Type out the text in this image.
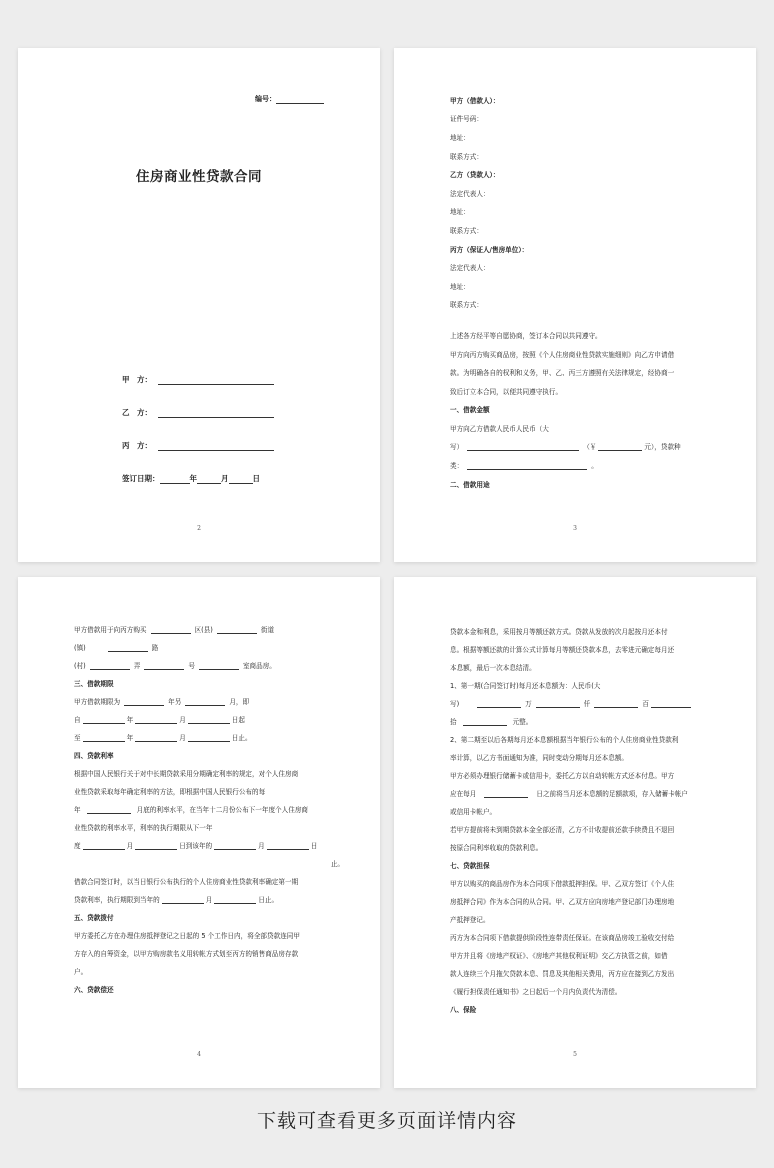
编号：
住房商业性贷款合同
甲　方：
乙　方：
丙　方：
签订日期：	年	月	日
2
甲方（借款人）：
证件号码：
地址：
联系方式：
乙方（贷款人）：
法定代表人：
地址：
联系方式：
丙方（保证人/售房单位）：
法定代表人：
地址：
联系方式：
上述各方经平等自愿协商，签订本合同以共同遵守。
甲方向丙方购买商品房，按照《个人住房商业性贷款实施细则》向乙方申请借
款。为明确各自的权利和义务，甲、乙、丙三方遵照有关法律规定，经协商一
致后订立本合同，以便共同遵守执行。
一、借款金额
甲方向乙方借款人民币人民币（大
写）	（￥	元），贷款种
类：	。
二、借款用途
3
甲方借款用于向丙方购买	区(县)	街道
(镇)	路
(村)	弄	号	室商品房。
三、借款期限
甲方借款期限为	年另	月，即
自	年	月	日起
至	年	月	日止。
四、贷款利率
根据中国人民银行关于对中长期贷款采用分期确定利率的规定，对个人住房商
业性贷款采取每年确定利率的方法，即根据中国人民银行公布的每
年	月底的利率水平，在当年十二月份公布下一年度个人住房商
业性贷款的利率水平，利率的执行期限从下一年
度	月	日到该年的	月	日
止。
借款合同签订时，以当日银行公布执行的个人住房商业性贷款利率确定第一期
贷款利率，执行期限到当年的	月	日止。
五、贷款拨付
甲方委托乙方在办理住房抵押登记之日起的 5 个工作日内，将全部贷款连同甲
方存入的自筹资金，以甲方购房款名义用转帐方式划至丙方的销售商品房存款
户。
六、贷款偿还
4
贷款本金和利息，采用按月等额还款方式。贷款从发放的次月起按月还本付
息。根据等额还款的计算公式计算每月等额还贷款本息，去零进元确定每月还
本息额，最后一次本息结清。
1、第一期(合同签订时)每月还本息额为：人民币(大
写)	万	仟	百
拾	元整。
2、第二期至以后各期每月还本息额根据当年银行公布的个人住房商业性贷款利
率计算，以乙方书面通知为准，同时变动分期每月还本息额。
甲方必须办理银行储蓄卡或信用卡，委托乙方以自动转帐方式还本付息。甲方
应在每月	日之前将当月还本息额的足额款项，存入储蓄卡帐户
或信用卡帐户。
若甲方提前将未到期贷款本金全部还清，乙方不计收提前还款手续费且不退回
按原合同利率收取的贷款利息。
七、贷款担保
甲方以购买的商品房作为本合同项下借款抵押担保。甲、乙双方签订《个人住
房抵押合同》作为本合同的从合同。甲、乙双方应向房地产登记部门办理房地
产抵押登记。
丙方为本合同项下借款提供阶段性连带责任保证。在该商品房竣工验收交付给
甲方并且将《房地产权证》、《房地产其他权利证明》交乙方执管之前，如借
款人连续三个月拖欠贷款本息、罚息及其他相关费用，丙方应在接到乙方发出
《履行担保责任通知书》之日起后一个月内负责代为清偿。
八、保险
5
下载可查看更多页面详情内容
